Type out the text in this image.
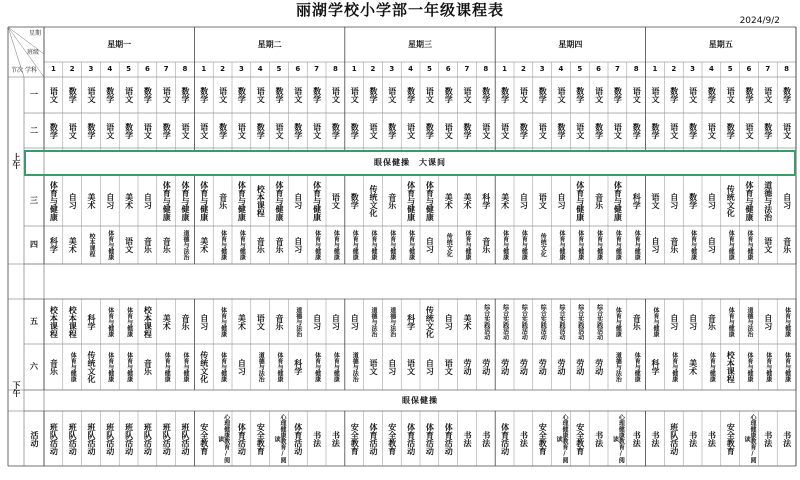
丽湖学校小学部一年级课程表
2024/9/2
星期
班级
节次 学科
星期一	星期二	星期三	星期四	星期五
1	2	3	4	5	6	7	8	1	2	3	4	5	6	7	8	1	2	3	4	5	6	7	8	1	2	3	4	5	6	7	8	1	2	3	4	5	6	7	8
上午
下午
眼保健操　大课间
眼保健操
一	语文	数学	语文	数学	语文	数学	语文	数学	数学	语文	数学	语文	数学	语文	数学	语文	语文	数学	语文	数学	语文	数学	语文	数学	数学	语文	数学	语文	数学	语文	数学	语文	语文	数学	语文	数学	语文	数学	语文	数学
二	数学	语文	数学	语文	数学	语文	数学	语文	语文	数学	语文	数学	语文	数学	语文	数学	数学	语文	数学	语文	数学	语文	数学	语文	语文	数学	语文	数学	语文	数学	语文	数学	数学	语文	数学	语文	数学	语文	数学	语文
三	体育与健康	自习	美术	自习	美术	自习	体育与健康	体育与健康	体育与健康	音乐	体育与健康	校本课程	体育与健康	自习	体育与健康	语文	数学	传统文化	音乐	体育与健康	体育与健康	美术	美术	科学	美术	自习	语文	自习	体育与健康	音乐	体育与健康	科学	语文	自习	数学	自习	传统文化	体育与健康	道德与法治	自习
四	科学	美术	校本课程	体育与健康	语文	音乐	音乐	道德与法治	美术	体育与健康	体育与健康	音乐	音乐	自习	体育与健康	体育与健康	体育与健康	体育与健康	体育与健康	体育与健康	自习	传统文化	体育与健康	音乐	体育与健康	体育与健康	传统文化	体育与健康	体育与健康	体育与健康	体育与健康	体育与健康	自习	音乐	体育与健康	自习	体育与健康	体育与健康	语文	音乐
五	校本课程	校本课程	科学	体育与健康	体育与健康	校本课程	美术	音乐	自习	体育与健康	美术	语文	音乐	道德与法治	自习	自习	自习	道德与法治	道德与法治	科学	传统文化	自习	美术	综合实践活动	综合实践活动	综合实践活动	综合实践活动	综合实践活动	综合实践活动	综合实践活动	体育与健康	音乐	体育与健康	自习	自习	音乐	体育与健康	道德与法治	自习	体育与健康
六	音乐	体育与健康	传统文化	体育与健康	体育与健康	音乐	体育与健康	体育与健康	传统文化	体育与健康	自习	道德与法治	体育与健康	科学	体育与健康	体育与健康	道德与法治	语文	自习	语文	自习	语文	劳动	劳动	劳动	劳动	劳动	劳动	劳动	劳动	道德与法治	体育与健康	科学	体育与健康	美术	体育与健康	校本课程	体育与健康	体育与健康	体育与健康
活动	班队活动	班队活动	班队活动	班队活动	班队活动	班队活动	班队活动	班队活动	安全教育	心理健康教育/阅读	体育活动	安全教育	心理健康教育/阅读	体育活动	书法	书法	安全教育	体育活动	安全教育	体育活动	体育活动	体育活动	书法	书法	体育活动	书法	安全教育	心理健康教育/阅读	安全教育	书法	心理健康教育/阅读	书法	书法	班队活动	书法	书法	安全教育	心理健康教育/阅读	书法	书法
